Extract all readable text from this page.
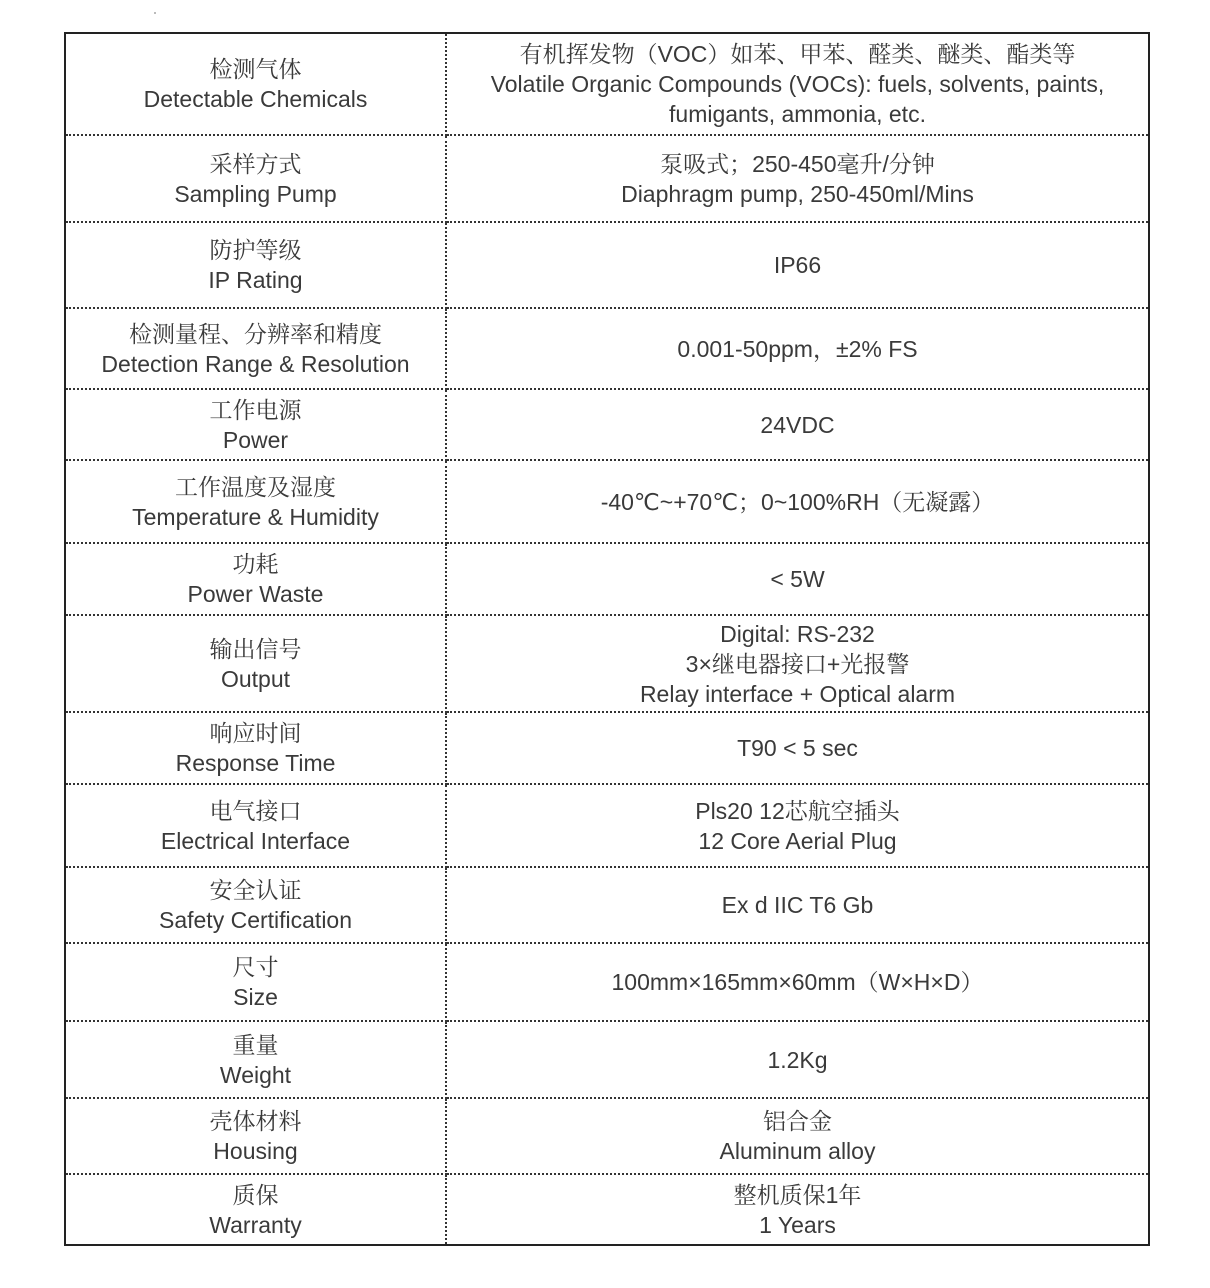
检测气体
Detectable Chemicals	有机挥发物（VOC）如苯、甲苯、醛类、醚类、酯类等
Volatile Organic Compounds (VOCs): fuels, solvents, paints,
fumigants, ammonia, etc.

采样方式
Sampling Pump	泵吸式；250-450毫升/分钟
Diaphragm pump, 250-450ml/Mins

防护等级
IP Rating	IP66

检测量程、分辨率和精度
Detection Range & Resolution	0.001-50ppm，±2% FS

工作电源
Power	24VDC

工作温度及湿度
Temperature & Humidity	-40℃~+70℃；0~100%RH（无凝露）

功耗
Power Waste	< 5W

输出信号
Output	Digital: RS-232
3×继电器接口+光报警
Relay interface + Optical alarm

响应时间
Response Time	T90 < 5 sec

电气接口
Electrical Interface	Pls20 12芯航空插头
12 Core Aerial Plug

安全认证
Safety Certification	Ex d IIC T6 Gb

尺寸
Size	100mm×165mm×60mm（W×H×D）

重量
Weight	1.2Kg

壳体材料
Housing	铝合金
Aluminum alloy

质保
Warranty	整机质保1年
1 Years
